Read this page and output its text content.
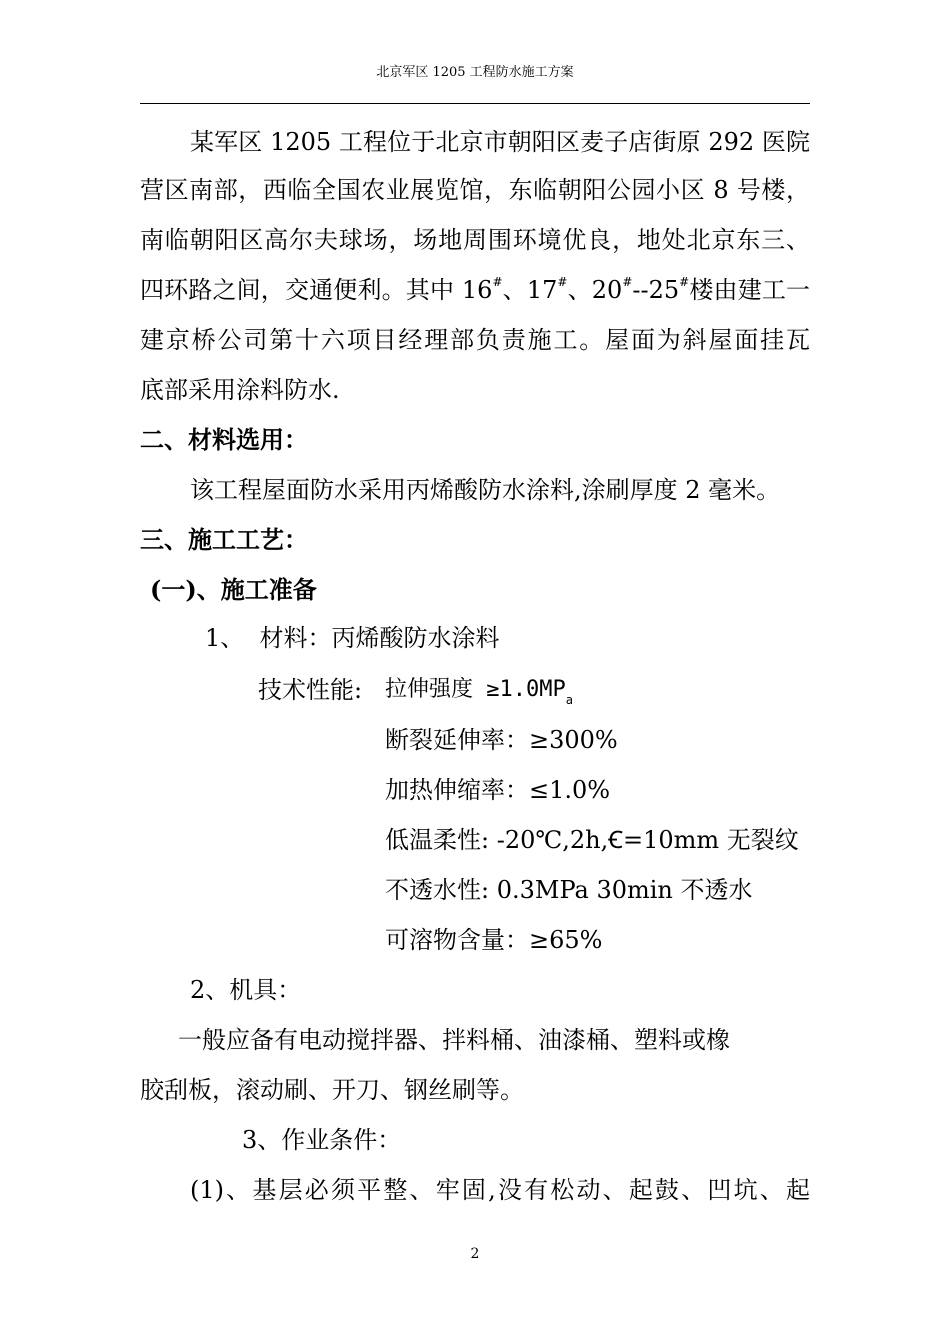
北京军区 1205 工程防水施工方案
某军区 1205 工程位于北京市朝阳区麦子店街原 292 医院
营区南部，西临全国农业展览馆，东临朝阳公园小区 8 号楼，
南临朝阳区高尔夫球场，场地周围环境优良，地处北京东三、
四环路之间，交通便利。其中 16#、17#、20#--25#楼由建工一
建京桥公司第十六项目经理部负责施工。屋面为斜屋面挂瓦
底部采用涂料防水.
二、材料选用：
该工程屋面防水采用丙烯酸防水涂料,涂刷厚度 2 毫米。
三、施工工艺：
(一)、施工准备
1、  材料：丙烯酸防水涂料
技术性能:	拉伸强度 $\ge 1.0MP_a$
断裂延伸率：≥300%
加热伸缩率：≤1.0%
低温柔性: -20℃,2h,Ꞓ=10mm 无裂纹
不透水性: 0.3MPa 30min 不透水
可溶物含量：≥65%
2、机具：
一般应备有电动搅拌器、拌料桶、油漆桶、塑料或橡
胶刮板，滚动刷、开刀、钢丝刷等。
3、作业条件：
(1)、基层必须平整、牢固,没有松动、起鼓、凹坑、起
2
